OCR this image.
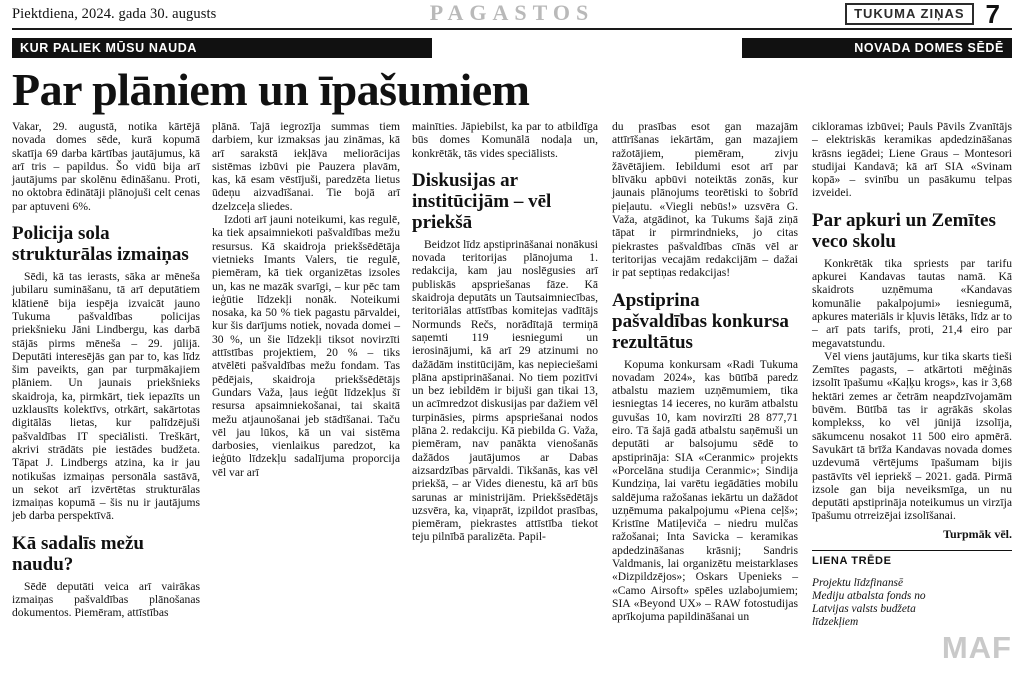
Piektdiena, 2024. gada 30. augusts	PAGASTOS	TUKUMA ZIŅAS 7
KUR PALIEK MŪSU NAUDA	NOVADA DOMES SĒDĒ
Par plāniem un īpašumiem

Vakar, 29. augustā, notika kārtējā novada domes sēde, kurā kopumā skatīja 69 darba kārtības jautājumus, kā arī tris – papildus. Šo vidū bija arī jautājums par skolēnu ēdināšanu. Proti, no oktobra ēdinātāji plānojuši celt cenas par aptuveni 6%.

Policija sola strukturālas izmaiņas

Sēdi, kā tas ierasts, sāka ar mēneša jubilaru sumināšanu, tā arī deputātiem klātienē bija iespēja izvaicāt jauno Tukuma pašvaldības policijas priekšnieku Jāni Lindbergu, kas darbā stājās pirms mēneša – 29. jūlijā. Deputāti interesējās gan par to, kas līdz šim paveikts, gan par turpmākajiem plāniem. Un jaunais priekšnieks skaidroja, ka, pirmkārt, tiek iepazīts un uzklausīts kolektīvs, otrkārt, sakārtotas digitālās lietas, kur palīdzējuši pašvaldības IT speciālisti. Treškārt, akrivi strādāts pie iestādes budžeta. Tāpat J. Lindbergs atzina, ka ir jau notikušas izmaiņas personāla sastāvā, un sekot arī izvērtētas strukturālas izmaiņas kopumā – šis nu ir jautājums jeb darba perspektīvā.

Kā sadalīs mežu naudu?

Sēdē deputāti veica arī vairākas izmaiņas pašvaldības plānošanas dokumentos. Piemēram, attīstības

plānā. Tajā iegrozīja summas tiem darbiem, kur izmaksas jau zināmas, kā arī sarakstā iekļāva meliorācijas sistēmas izbūvi pie Pauzera plavām, kas, kā esam vēstījuši, paredzēta lietus ūdeņu aizvadīšanai. Tie bojā arī dzelzceļa sliedes.

Izdoti arī jauni noteikumi, kas regulē, ka tiek apsaimniekoti pašvaldības mežu resursus. Kā skaidroja priekšsēdētāja vietnieks Imants Valers, tie regulē, piemēram, kā tiek organizētas izsoles un, kas ne mazāk svarīgi, – kur pēc tam ieģūtie līdzekļi nonāk. Noteikumi nosaka, ka 50 % tiek pagastu pārvaldei, kur šis darījums notiek, novada domei – 30 %, un šie līdzekļi tiksot novirzīti attīstības projektiem, 20 % – tiks atvēlēti pašvaldības mežu fondam. Tas pēdējais, skaidroja priekšsēdētājs Gundars Važa, ļaus ieģūt līdzekļus šī resursa apsaimniekošanai, tai skaitā mežu atjaunošanai jeb stādīšanai. Taču vēl jau lūkos, kā un vai sistēma darbosies, vienlaikus paredzot, ka ieģūto līdzekļu sadalījuma proporcija vēl var arī

mainīties. Jāpiebilst, ka par to atbildīga būs domes Komunālā nodaļa un, konkrētāk, tās vides speciālists.

Diskusijas ar institūcijām – vēl priekšā

Beidzot līdz apstiprināšanai nonākusi novada teritorijas plānojuma 1. redakcija, kam jau noslēgusies arī publiskās apspriešanas fāze. Kā skaidroja deputāts un Tautsaimniecības, teritoriālas attīstības komitejas vadītājs Normunds Rečs, norādītajā termiņā saņemti 119 iesniegumi un ierosinājumi, kā arī 29 atzinumi no dažādām institūcijām, kas nepieciešami plāna apstiprināšanai. No tiem pozitīvi un bez iebildēm ir bijuši gan tikai 13, un acīmredzot diskusijas par dažiem vēl turpināsies, pirms apspriešanai nodos plāna 2. redakciju. Kā piebilda G. Važa, piemēram, nav panākta vienošanās dažādos jautājumos ar Dabas aizsardzības pārvaldi. Tikšanās, kas vēl priekšā, – ar Vides dienestu, kā arī būs sarunas ar ministrijām. Priekšsēdētājs uzsvēra, ka, viņaprāt, izpildot prasības, piemēram, piekrastes attīstība tiekot teju pilnībā paralizēta. Papil-

du prasības esot gan mazajām attīrīšanas iekārtām, gan mazajiem ražotājiem, piemēram, zivju žāvētājiem. Iebildumi esot arī par blīvāku apbūvi noteiktās zonās, kur jaunais plānojums teorētiski to šobrīd pieļautu. «Viegli nebūs!» uzsvēra G. Važa, atgādinot, ka Tukums šajā ziņā tāpat ir pirmrindnieks, jo citas piekrastes pašvaldības cīnās vēl ar teritorijas vecajām redakcijām – dažai ir pat septiņas redakcijas!

Apstiprina pašvaldības konkursa rezultātus

Kopuma konkursam «Radi Tukuma novadam 2024», kas būtībā paredz atbalstu maziem uzņēmumiem, tika iesniegtas 14 ieceres, no kurām atbalstu guvušas 10, kam novirzīti 28 877,71 eiro. Tā šajā gadā atbalstu saņēmuši un deputāti ar balsojumu sēdē to apstiprināja: SIA «Ceranmic» projekts «Porcelāna studija Ceranmic»; Sindija Kundziņa, lai varētu iegādāties mobilu saldējuma ražošanas iekārtu un dažādot uzņēmuma pakalpojumu «Piena ceļš»; Kristīne Matiļeviča – niedru mulčas ražošanai; Inta Savicka – keramikas apdedzināšanas krāsnij; Sandris Valdmanis, lai organizētu meistarklases «Dizpildzējos»; Oskars Upenieks – «Camo Airsoft» spēles uzlabojumiem; SIA «Beyond UX» – RAW fotostudijas aprīkojuma papildināšanai un

cikloramas izbūvei; Pauls Pāvils Zvanītājs – elektriskās keramikas apdedzināšanas krāsns iegādei; Liene Graus – Montesori studijai Kandavā; kā arī SIA «Svinam kopā» – svinību un pasākumu telpas izveidei.

Par apkuri un Zemītes veco skolu

Konkrētāk tika spriests par tarifu apkurei Kandavas tautas namā. Kā skaidrots uzņēmuma «Kandavas komunālie pakalpojumi» iesniegumā, apkures materiāls ir kļuvis lētāks, līdz ar to – arī pats tarifs, proti, 21,4 eiro par megavatstundu.

Vēl viens jautājums, kur tika skarts tieši Zemītes pagasts, – atkārtoti mēģinās izsolīt īpašumu «Kaļķu krogs», kas ir 3,68 hektāri zemes ar četrām neapdzīvojamām būvēm. Būtībā tas ir agrākās skolas komplekss, ko vēl jūnijā izsolīja, sākumcenu nosakot 11 500 eiro apmērā. Savukārt tā brīža Kandavas novada domes uzdevumā vērtējums īpašumam bijis pastāvīts vēl iepriekš – 2021. gadā. Pirmā izsole gan bija neveiksmīga, un nu deputāti apstiprināja noteikumus un virzīja īpašumu otrreizējai izsolīšanai.

Turpmāk vēl.
LIENA TRĒDE
Projektu līdzfinansē Mediju atbalsta fonds no Latvijas valsts budžeta līdzekļiem
MAF
